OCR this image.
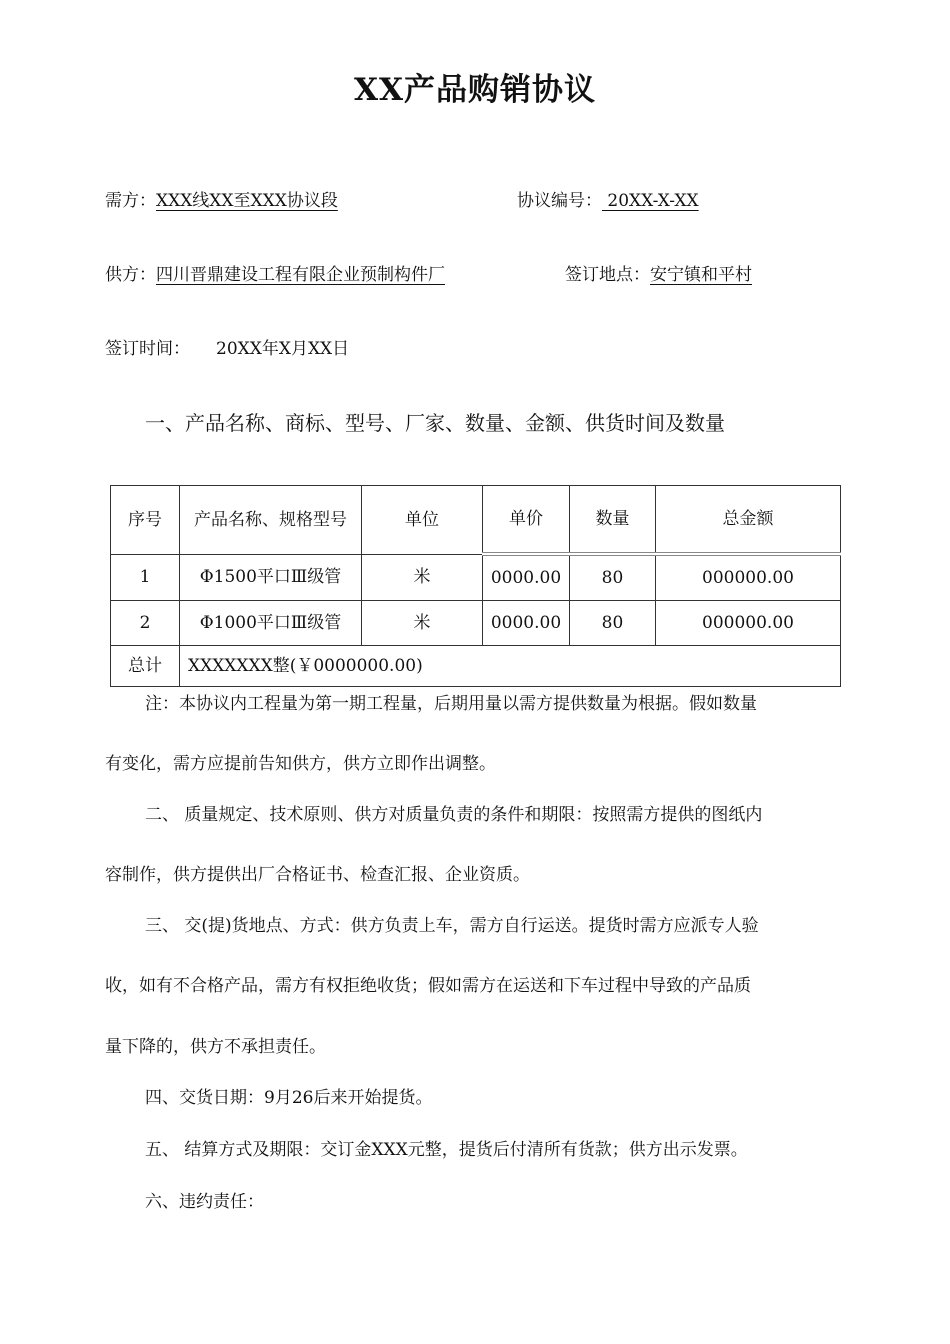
XX产品购销协议
需方：XXX线XX至XXX协议段	协议编号： 20XX-X-XX
供方：四川晋鼎建设工程有限企业预制构件厂	签订地点：安宁镇和平村
签订时间： 20XX年X月XX日
一、产品名称、商标、型号、厂家、数量、金额、供货时间及数量
序号	产品名称、规格型号	单位	单价	数量	总金额
1	Φ1500平口Ⅲ级管	米	0000.00	80	000000.00
2	Φ1000平口Ⅲ级管	米	0000.00	80	000000.00
总计	XXXXXXX整(￥0000000.00)				
注：本协议内工程量为第一期工程量，后期用量以需方提供数量为根据。假如数量
有变化，需方应提前告知供方，供方立即作出调整。
二、 质量规定、技术原则、供方对质量负责的条件和期限：按照需方提供的图纸内
容制作，供方提供出厂合格证书、检查汇报、企业资质。
三、 交(提)货地点、方式：供方负责上车，需方自行运送。提货时需方应派专人验
收，如有不合格产品，需方有权拒绝收货；假如需方在运送和下车过程中导致的产品质
量下降的，供方不承担责任。
四、交货日期：9月26后来开始提货。
五、 结算方式及期限：交订金XXX元整，提货后付清所有货款；供方出示发票。
六、违约责任：
